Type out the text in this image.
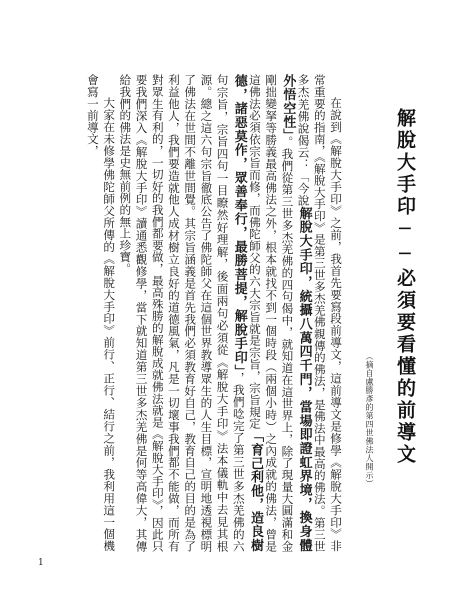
解脫大手印──必須要看懂的前導文
（摘自盧勝彥的第四世佛法人開示）

在說到《解脫大手印》之前，我首先要寫段前導文，這前導文是修學《解脫大手印》非常重要的指南，《解脫大手印》是第三世多杰羌佛親傳的佛法，是佛法中最高的佛法。第三世多杰羌佛說偈云：「今說解脫大手印，統攝八萬四千門，當場即證虹界境，換身體外悟空性」。我們從第三世多杰羌佛的四句偈中，就知道在這世界上，除了現量大圓滿和金剛拙變拏等勝義最高佛法之外，根本就找不到一個時段（兩個小時）之內成就的佛法，曾是這佛法必須依宗旨而修，而佛陀師父的六大宗旨就是宗旨，宗旨規定「育己利他，造良樹德，諸惡莫作，眾善奉行，最勝菩提，解脫手印」，我們唸完了第三世多杰羌佛的六句宗旨，宗旨四句一目瞭然好理解，後面兩句必須從《解脫大手印》法本儀軌中去見其根源。總之這六句宗旨徹底公告了佛陀師父在這個世界教導眾生的人生目標，宣明地透視標明了佛法在世間不離世間覺。其宗旨涵義是首先我們必須教育好自己，教育自己的目的是為了利益他人，我們要造就他人成材樹立良好的道德風氣，凡是一切壞事我們都不能做，而所有對眾生有利的，一切好的我們都要做，最高殊勝的解脫成就佛法就是《解脫大手印》，因此只要我們深入《解脫大手印》讀通悉觀修學，當下就知道第三世多杰羌佛是何等高偉大，其傳給我們的佛法是史無前例的無上珍寶。

大家在未修學佛陀師父所傳的《解脫大手印》前行、正行、結行之前，我利用這一個機會寫一前導文，

1
